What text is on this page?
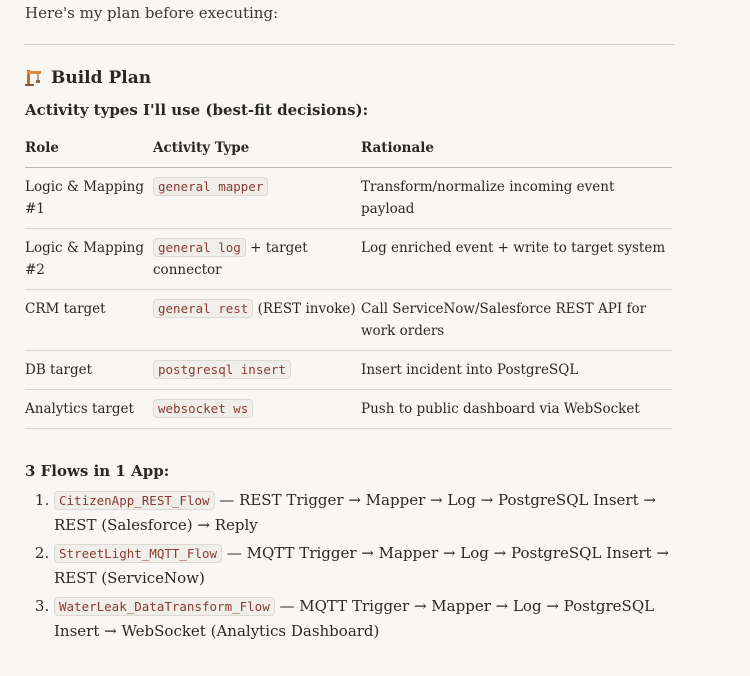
Here's my plan before executing:
Build Plan
Activity types I'll use (best-fit decisions):
Role	Activity Type	Rationale
Logic & Mapping #1	general mapper	Transform/normalize incoming event payload
Logic & Mapping #2	general log + target connector	Log enriched event + write to target system
CRM target	general rest (REST invoke)	Call ServiceNow/Salesforce REST API for work orders
DB target	postgresql insert	Insert incident into PostgreSQL
Analytics target	websocket ws	Push to public dashboard via WebSocket
3 Flows in 1 App:
1. CitizenApp_REST_Flow — REST Trigger → Mapper → Log → PostgreSQL Insert → REST (Salesforce) → Reply
2. StreetLight_MQTT_Flow — MQTT Trigger → Mapper → Log → PostgreSQL Insert → REST (ServiceNow)
3. WaterLeak_DataTransform_Flow — MQTT Trigger → Mapper → Log → PostgreSQL Insert → WebSocket (Analytics Dashboard)
